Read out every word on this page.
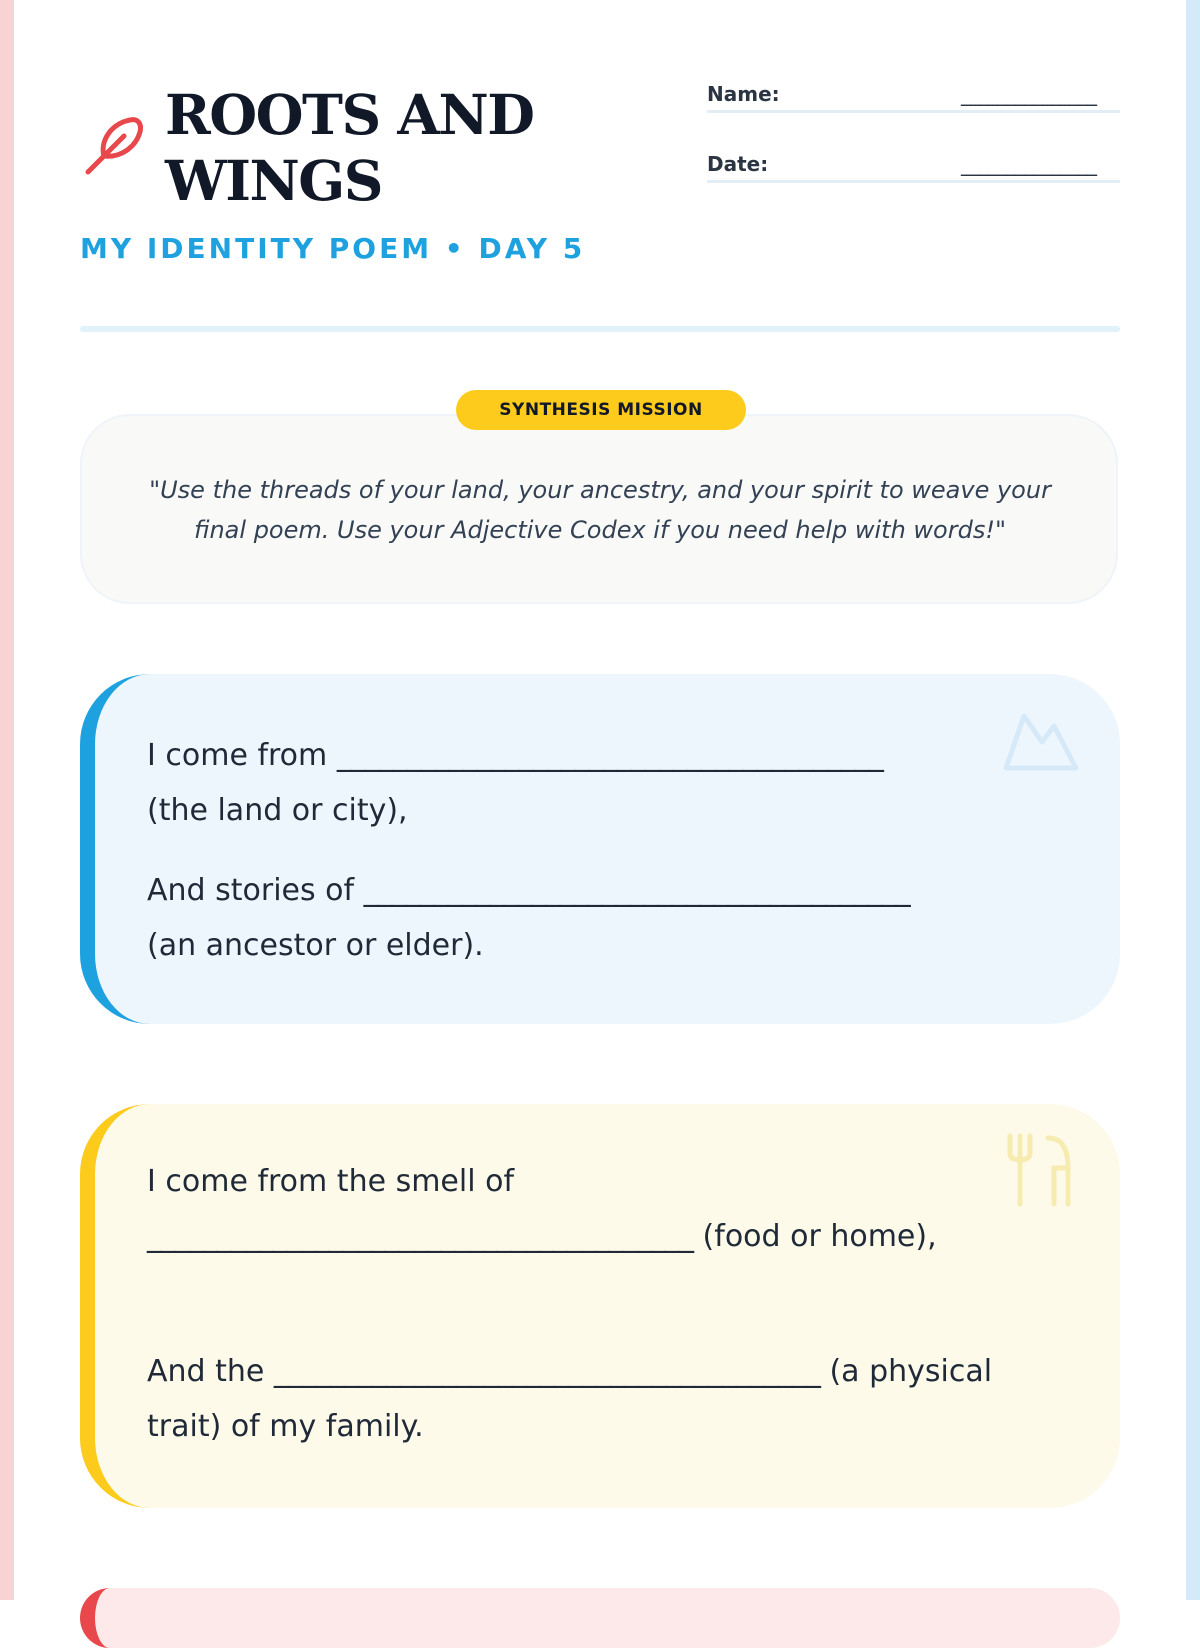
ROOTS AND
WINGS
MY IDENTITY POEM • DAY 5
Name:	_______________
Date:	_______________
SYNTHESIS MISSION

"Use the threads of your land, your ancestry, and your spirit to weave your final poem. Use your Adjective Codex if you need help with words!"

I come from _______________________________________
(the land or city),

And stories of _______________________________________
(an ancestor or elder).

I come from the smell of
_______________________________________ (food or home),

And the _______________________________________ (a physical trait) of my family.
